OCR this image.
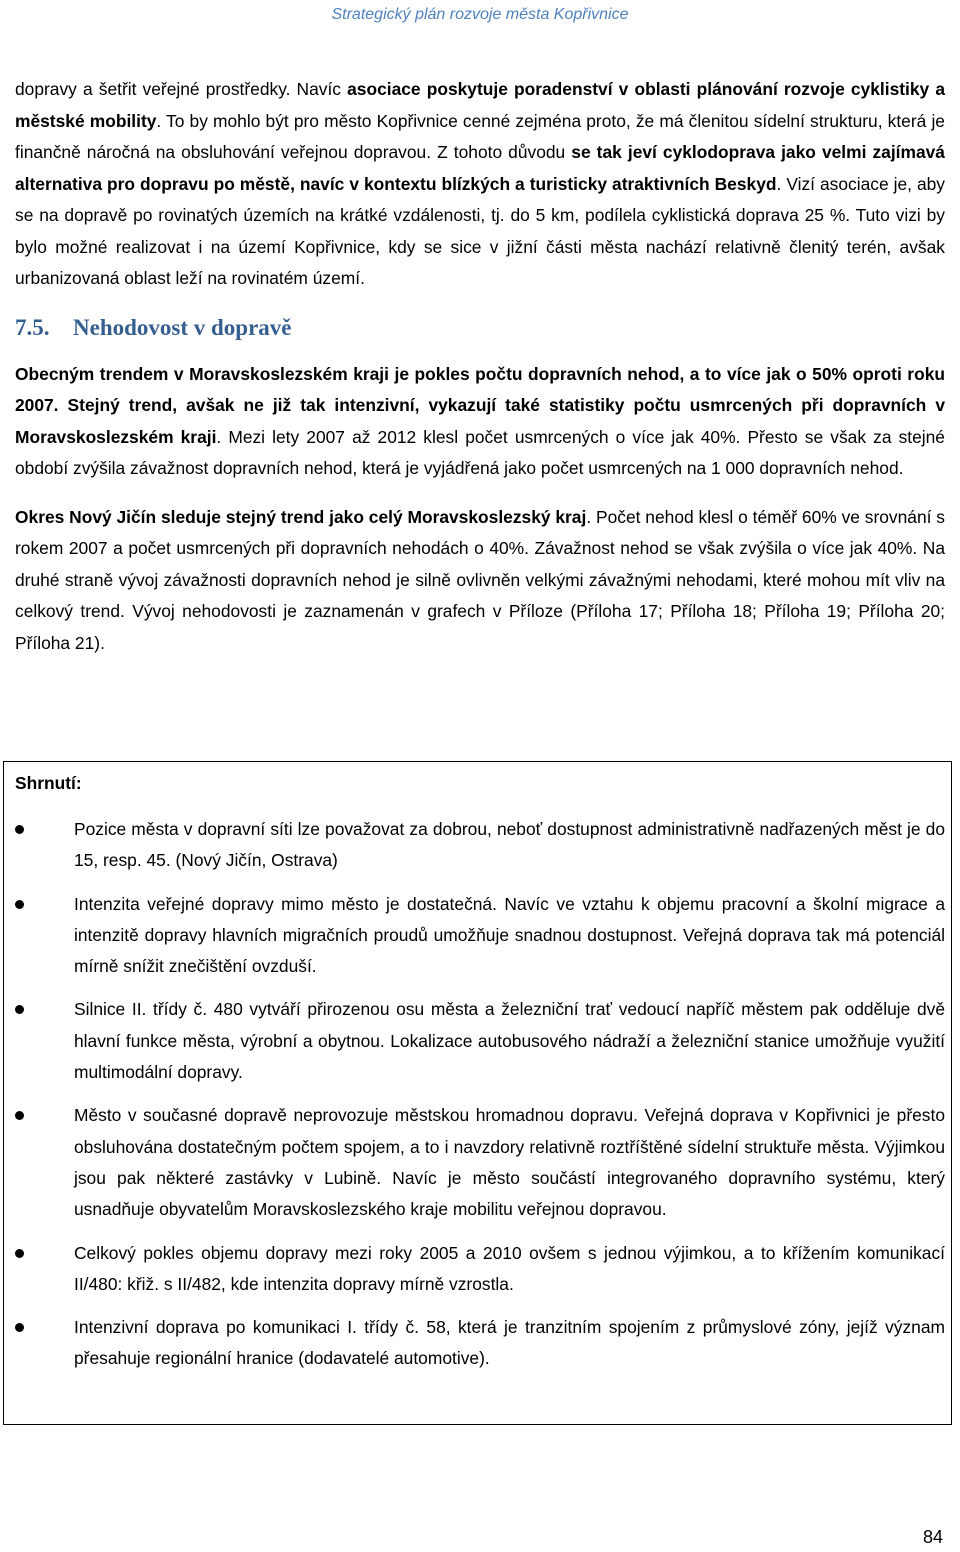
Strategický plán rozvoje města Kopřivnice

dopravy a šetřit veřejné prostředky. Navíc asociace poskytuje poradenství v oblasti plánování rozvoje cyklistiky a městské mobility. To by mohlo být pro město Kopřivnice cenné zejména proto, že má členitou sídelní strukturu, která je finančně náročná na obsluhování veřejnou dopravou. Z tohoto důvodu se tak jeví cyklodoprava jako velmi zajímavá alternativa pro dopravu po městě, navíc v kontextu blízkých a turisticky atraktivních Beskyd. Vizí asociace je, aby se na dopravě po rovinatých územích na krátké vzdálenosti, tj. do 5 km, podílela cyklistická doprava 25 %. Tuto vizi by bylo možné realizovat i na území Kopřivnice, kdy se sice v jižní části města nachází relativně členitý terén, avšak urbanizovaná oblast leží na rovinatém území.

7.5. Nehodovost v dopravě

Obecným trendem v Moravskoslezském kraji je pokles počtu dopravních nehod, a to více jak o 50% oproti roku 2007. Stejný trend, avšak ne již tak intenzivní, vykazují také statistiky počtu usmrcených při dopravních v Moravskoslezském kraji. Mezi lety 2007 až 2012 klesl počet usmrcených o více jak 40%. Přesto se však za stejné období zvýšila závažnost dopravních nehod, která je vyjádřená jako počet usmrcených na 1 000 dopravních nehod.

Okres Nový Jičín sleduje stejný trend jako celý Moravskoslezský kraj. Počet nehod klesl o téměř 60% ve srovnání s rokem 2007 a počet usmrcených při dopravních nehodách o 40%. Závažnost nehod se však zvýšila o více jak 40%. Na druhé straně vývoj závažnosti dopravních nehod je silně ovlivněn velkými závažnými nehodami, které mohou mít vliv na celkový trend. Vývoj nehodovosti je zaznamenán v grafech v Příloze (Příloha 17; Příloha 18; Příloha 19; Příloha 20; Příloha 21).

Shrnutí:

Pozice města v dopravní síti lze považovat za dobrou, neboť dostupnost administrativně nadřazených měst je do 15, resp. 45. (Nový Jičín, Ostrava)

Intenzita veřejné dopravy mimo město je dostatečná. Navíc ve vztahu k objemu pracovní a školní migrace a intenzitě dopravy hlavních migračních proudů umožňuje snadnou dostupnost. Veřejná doprava tak má potenciál mírně snížit znečištění ovzduší.

Silnice II. třídy č. 480 vytváří přirozenou osu města a železniční trať vedoucí napříč městem pak odděluje dvě hlavní funkce města, výrobní a obytnou. Lokalizace autobusového nádraží a železniční stanice umožňuje využití multimodální dopravy.

Město v současné dopravě neprovozuje městskou hromadnou dopravu. Veřejná doprava v Kopřivnici je přesto obsluhována dostatečným počtem spojem, a to i navzdory relativně roztříštěné sídelní struktuře města. Výjimkou jsou pak některé zastávky v Lubině. Navíc je město součástí integrovaného dopravního systému, který usnadňuje obyvatelům Moravskoslezského kraje mobilitu veřejnou dopravou.

Celkový pokles objemu dopravy mezi roky 2005 a 2010 ovšem s jednou výjimkou, a to křížením komunikací II/480: křiž. s II/482, kde intenzita dopravy mírně vzrostla.

Intenzivní doprava po komunikaci I. třídy č. 58, která je tranzitním spojením z průmyslové zóny, jejíž význam přesahuje regionální hranice (dodavatelé automotive).

84
